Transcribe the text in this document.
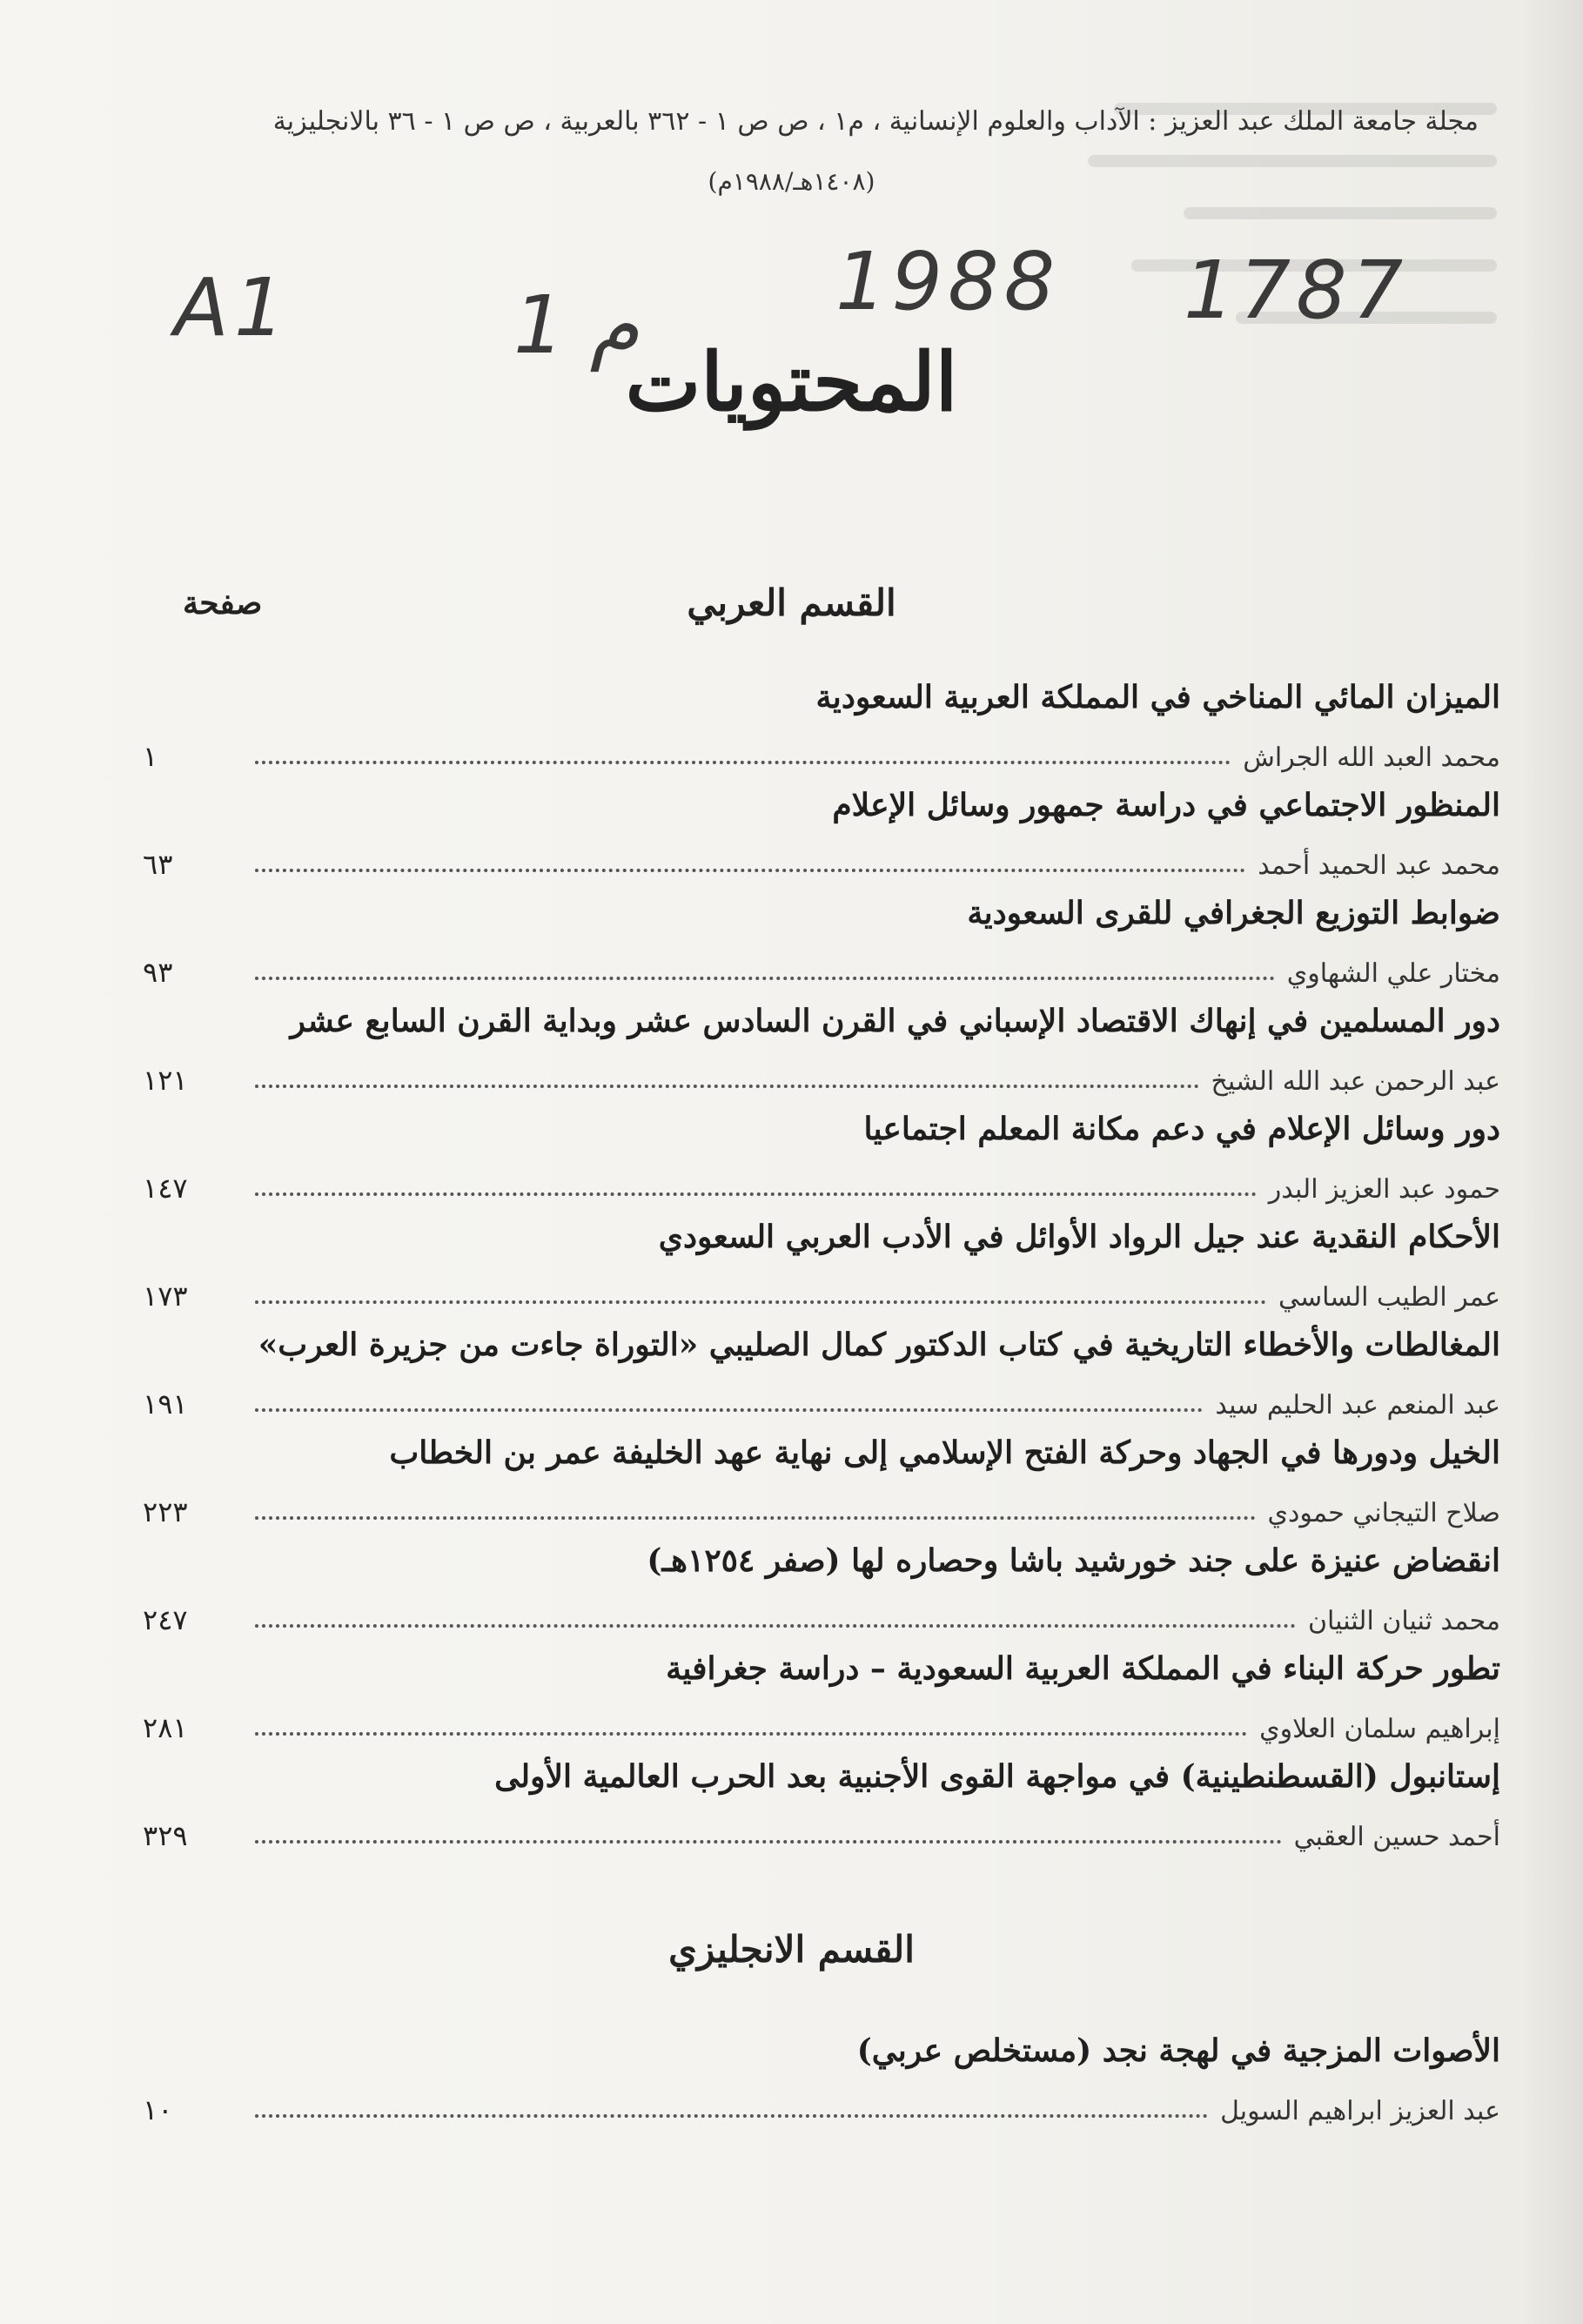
مجلة جامعة الملك عبد العزيز : الآداب والعلوم الإنسانية ، م١ ، ص ص ١ - ٣٦٢ بالعربية ، ص ص ١ - ٣٦ بالانجليزية
(١٤٠٨هـ/١٩٨٨م)
A1	1 م 1988 1787
المحتويات
القسم العربي
صفحة
الميزان المائي المناخي في المملكة العربية السعودية
محمد العبد الله الجراش
١
المنظور الاجتماعي في دراسة جمهور وسائل الإعلام
محمد عبد الحميد أحمد
٦٣
ضوابط التوزيع الجغرافي للقرى السعودية
مختار علي الشهاوي
٩٣
دور المسلمين في إنهاك الاقتصاد الإسباني في القرن السادس عشر وبداية القرن السابع عشر
عبد الرحمن عبد الله الشيخ
١٢١
دور وسائل الإعلام في دعم مكانة المعلم اجتماعيا
حمود عبد العزيز البدر
١٤٧
الأحكام النقدية عند جيل الرواد الأوائل في الأدب العربي السعودي
عمر الطيب الساسي
١٧٣
المغالطات والأخطاء التاريخية في كتاب الدكتور كمال الصليبي «التوراة جاءت من جزيرة العرب»
عبد المنعم عبد الحليم سيد
١٩١
الخيل ودورها في الجهاد وحركة الفتح الإسلامي إلى نهاية عهد الخليفة عمر بن الخطاب
صلاح التيجاني حمودي
٢٢٣
انقضاض عنيزة على جند خورشيد باشا وحصاره لها (صفر ١٢٥٤هـ)
محمد ثنيان الثنيان
٢٤٧
تطور حركة البناء في المملكة العربية السعودية – دراسة جغرافية
إبراهيم سلمان العلاوي
٢٨١
إستانبول (القسطنطينية) في مواجهة القوى الأجنبية بعد الحرب العالمية الأولى
أحمد حسين العقبي
٣٢٩
القسم الانجليزي
الأصوات المزجية في لهجة نجد (مستخلص عربي)
عبد العزيز ابراهيم السويل
١٠
